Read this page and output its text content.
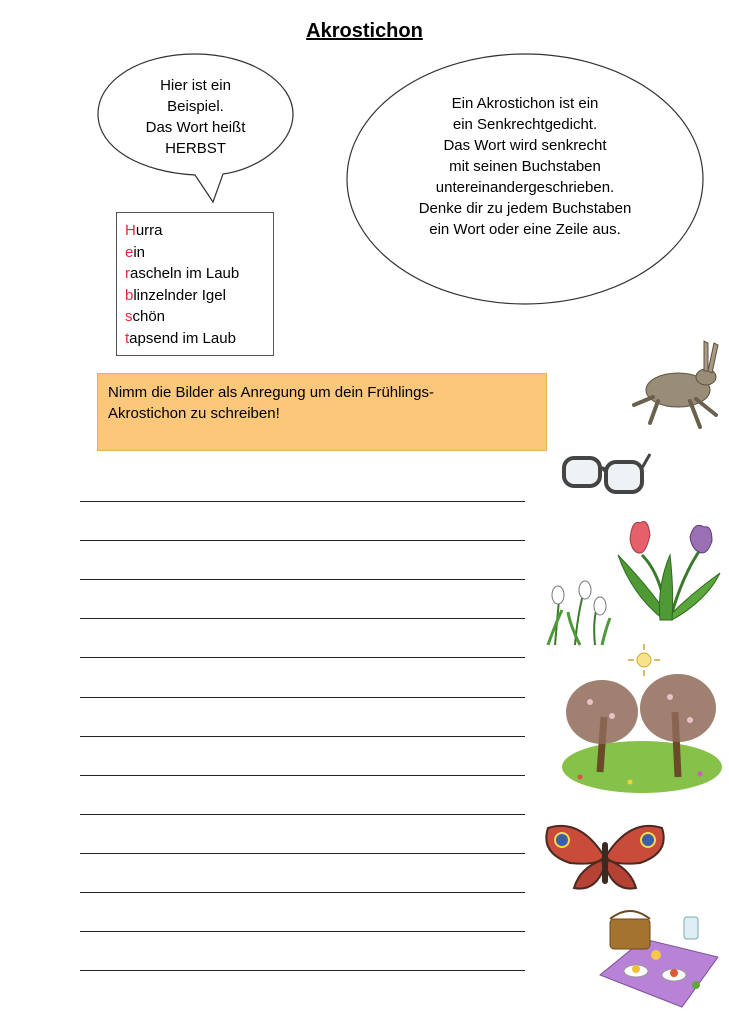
Akrostichon
Hier ist ein
Beispiel.
Das Wort heißt
HERBST
Ein Akrostichon ist ein
ein Senkrechtgedicht.
Das Wort wird senkrecht
mit seinen Buchstaben
untereinandergeschrieben.
Denke dir zu jedem Buchstaben
ein Wort oder eine Zeile aus.
Hurra
ein
rascheln im Laub
blinzelnder Igel
schön
tapsend im Laub
Nimm die Bilder als Anregung um dein Frühlings-
Akrostichon zu schreiben!
